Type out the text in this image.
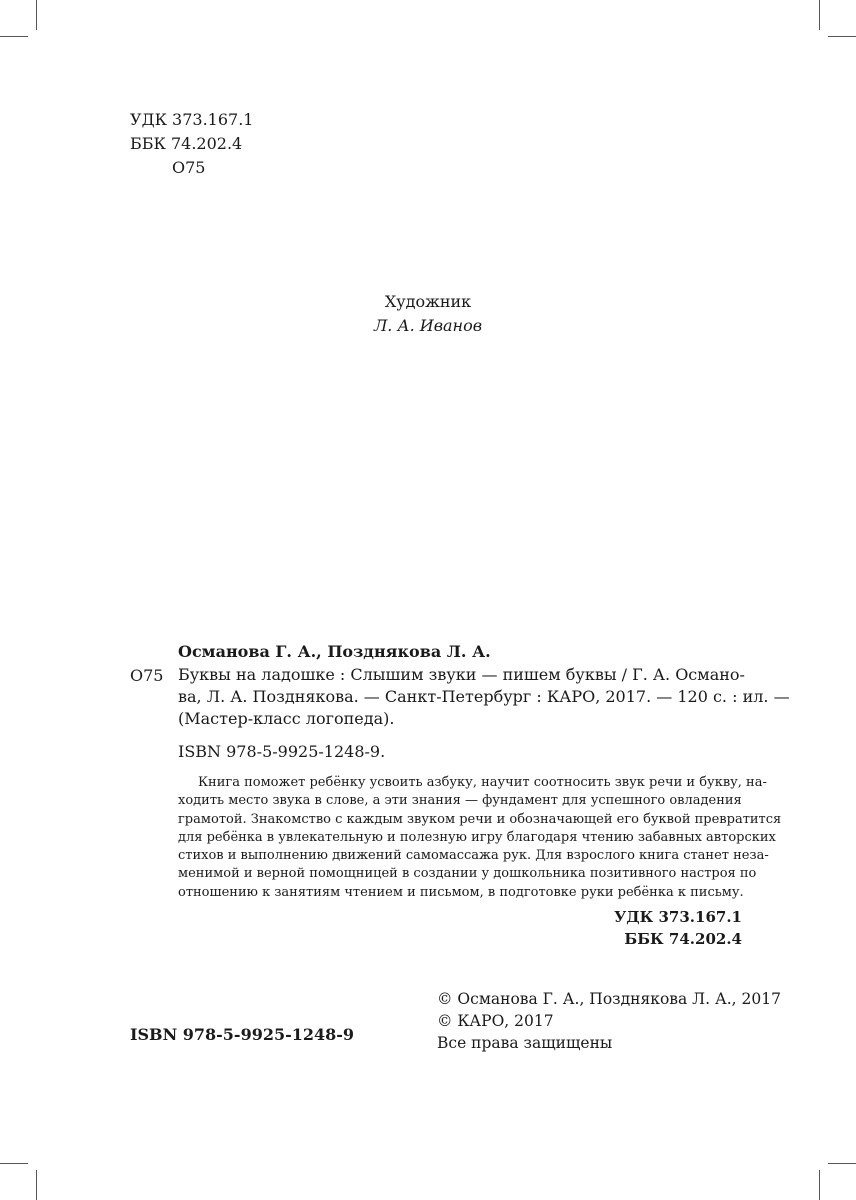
УДК 373.167.1
ББК 74.202.4
О75
Художник
Л. А. Иванов
Османова Г. А., Позднякова Л. А.
О75 Буквы на ладошке : Слышим звуки — пишем буквы / Г. А. Османо-
ва, Л. А. Позднякова. — Санкт-Петербург : КАРО, 2017. — 120 с. : ил. —
(Мастер-класс логопеда).
ISBN 978-5-9925-1248-9.
Книга поможет ребёнку усвоить азбуку, научит соотносить звук речи и букву, на-
ходить место звука в слове, а эти знания — фундамент для успешного овладения
грамотой. Знакомство с каждым звуком речи и обозначающей его буквой превратится
для ребёнка в увлекательную и полезную игру благодаря чтению забавных авторских
стихов и выполнению движений самомассажа рук. Для взрослого книга станет неза-
менимой и верной помощницей в создании у дошкольника позитивного настроя по
отношению к занятиям чтением и письмом, в подготовке руки ребёнка к письму.
УДК 373.167.1
ББК 74.202.4
© Османова Г. А., Позднякова Л. А., 2017
© КАРО, 2017
Все права защищены
ISBN 978-5-9925-1248-9
